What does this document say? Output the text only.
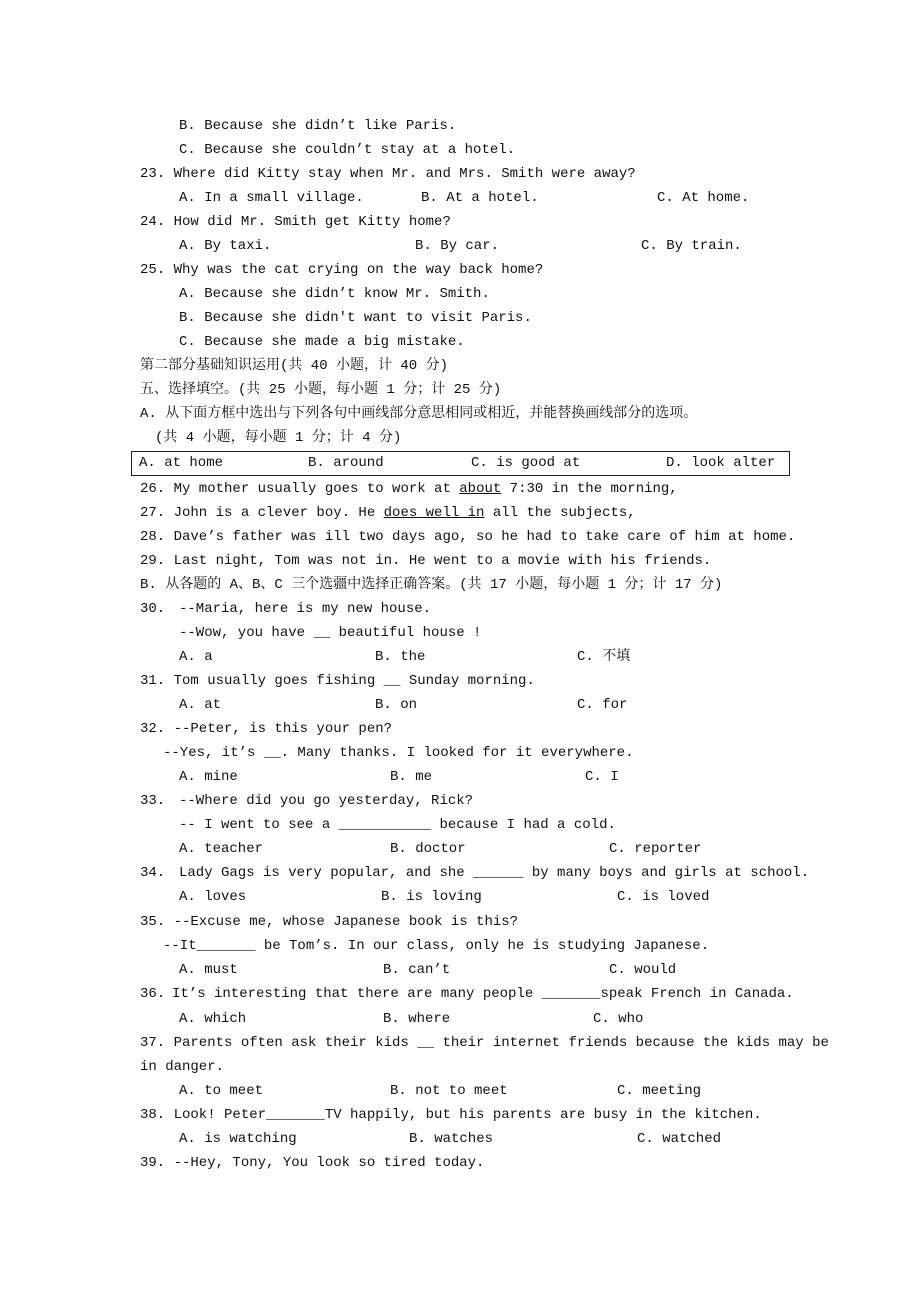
B. Because she didn’t like Paris.
C. Because she couldn’t stay at a hotel.
23. Where did Kitty stay when Mr. and Mrs. Smith were away?
A. In a small village.	B. At a hotel.	C. At home.
24. How did Mr. Smith get Kitty home?
A. By taxi.	B. By car.	C. By train.
25. Why was the cat crying on the way back home?
A. Because she didn’t know Mr. Smith.
B. Because she didn't want to visit Paris.
C. Because she made a big mistake.
第二部分基础知识运用(共 40 小题，计 40 分)
五、选择填空。(共 25 小题，每小题 1 分；计 25 分)
A. 从下面方框中选出与下列各句中画线部分意思相同或相近，并能替换画线部分的选项。
(共 4 小题，每小题 1 分；计 4 分)
A. at home	B. around	C. is good at	D. look alter
26. My mother usually goes to work at about 7:30 in the morning,
27. John is a clever boy. He does well in all the subjects,
28. Dave’s father was ill two days ago, so he had to take care of him at home.
29. Last night, Tom was not in. He went to a movie with his friends.
B. 从各题的 A、B、C 三个选疆中选择正确答案。(共 17 小题，每小题 1 分；计 17 分)
30. --Maria, here is my new house.
--Wow, you have __ beautiful house !
A. a	B. the	C. 不填
31. Tom usually goes fishing __ Sunday morning.
A. at	B. on	C. for
32. --Peter, is this your pen?
--Yes, it’s __. Many thanks. I looked for it everywhere.
A. mine	B. me	C. I
33. --Where did you go yesterday, Rick?
-- I went to see a ___________ because I had a cold.
A. teacher	B. doctor	C. reporter
34. Lady Gags is very popular, and she ______ by many boys and girls at school.
A. loves	B. is loving	C. is loved
35. --Excuse me, whose Japanese book is this?
--It_______ be Tom’s. In our class, only he is studying Japanese.
A. must	B. can’t	C. would
36. It’s interesting that there are many people _______speak French in Canada.
A. which	B. where	C. who
37. Parents often ask their kids __ their internet friends because the kids may be
in danger.
A. to meet	B. not to meet	C. meeting
38. Look! Peter_______TV happily, but his parents are busy in the kitchen.
A. is watching	B. watches	C. watched
39. --Hey, Tony, You look so tired today.
